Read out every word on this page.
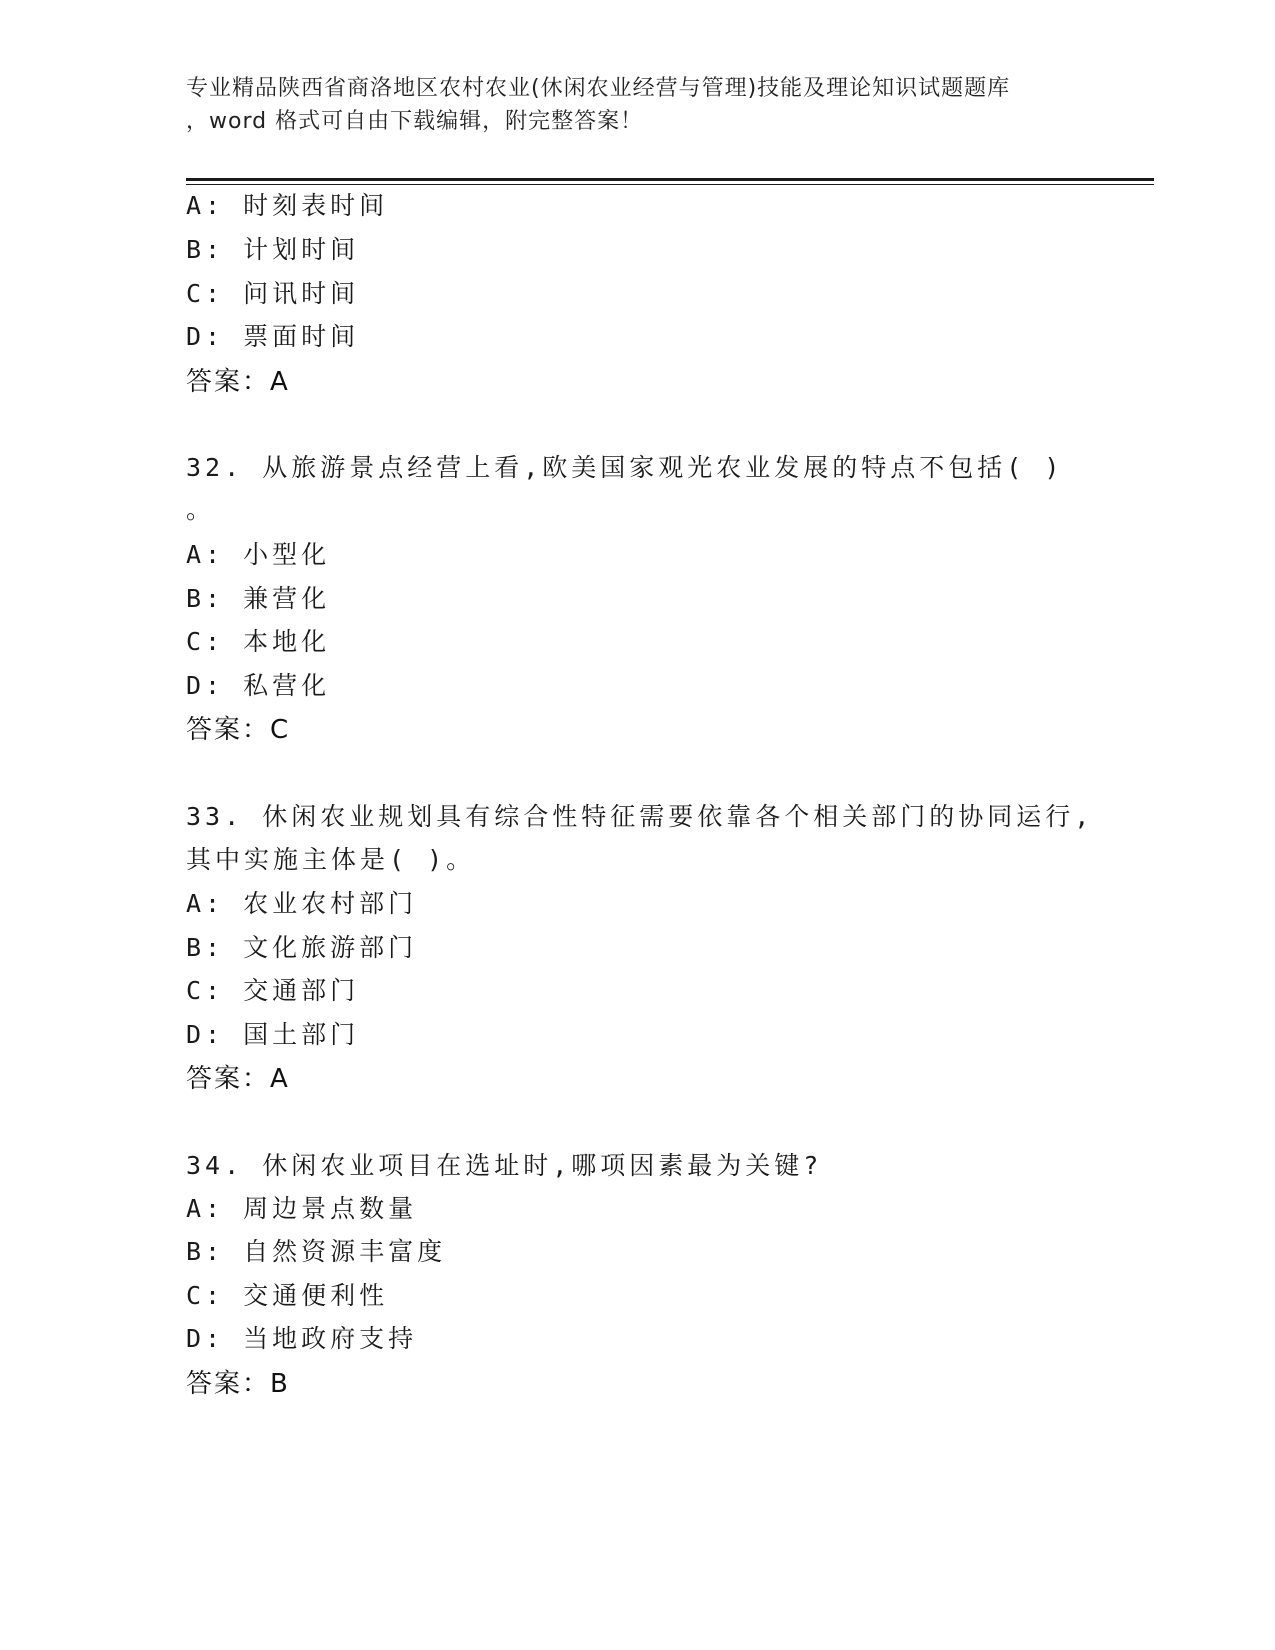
专业精品陕西省商洛地区农村农业(休闲农业经营与管理)技能及理论知识试题题库
，word 格式可自由下载编辑，附完整答案！
A: 时刻表时间
B: 计划时间
C: 问讯时间
D: 票面时间
答案：A
32. 从旅游景点经营上看,欧美国家观光农业发展的特点不包括( )
。
A: 小型化
B: 兼营化
C: 本地化
D: 私营化
答案：C
33. 休闲农业规划具有综合性特征需要依靠各个相关部门的协同运行,
其中实施主体是( )。
A: 农业农村部门
B: 文化旅游部门
C: 交通部门
D: 国土部门
答案：A
34. 休闲农业项目在选址时,哪项因素最为关键?
A: 周边景点数量
B: 自然资源丰富度
C: 交通便利性
D: 当地政府支持
答案：B
